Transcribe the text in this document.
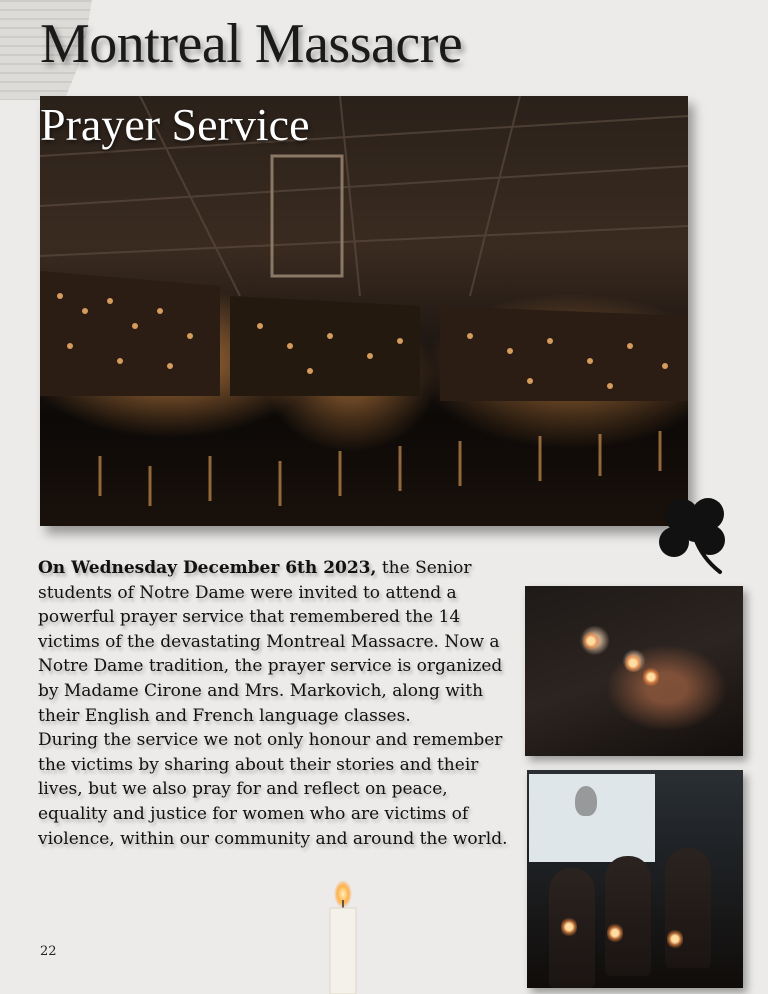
Montreal Massacre
Prayer Service

On Wednesday December 6th 2023, the Senior students of Notre Dame were invited to attend a powerful prayer service that remembered the 14 victims of the devastating Montreal Massacre. Now a Notre Dame tradition, the prayer service is organized by Madame Cirone and Mrs. Markovich, along with their English and French language classes.

During the service we not only honour and remember the victims by sharing about their stories and their lives, but we also pray for and reflect on peace, equality and justice for women who are victims of violence, within our community and around the world.

22
